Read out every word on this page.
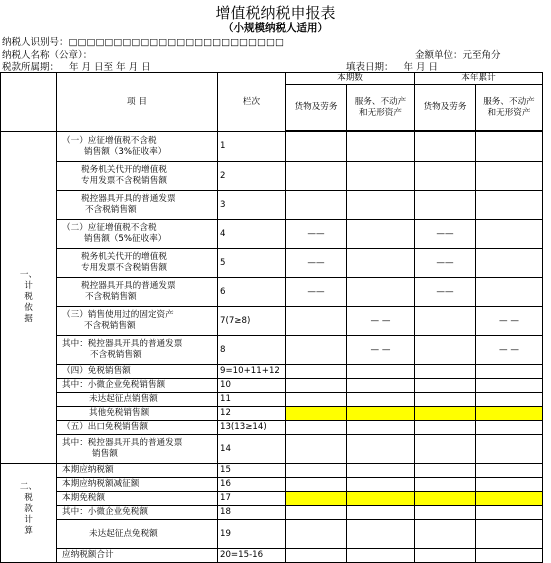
增值税纳税申报表
（小规模纳税人适用）
纳税人识别号：□□□□□□□□□□□□□□□□□□□□□□□□
纳税人名称（公章）：	金额单位：元至角分
税款所属期： 年 月 日至 年 月 日	填表日期： 年 月 日
	项 目	栏次	本期数		本年累计	
			货物及劳务	服务、不动产
和无形资产	货物及劳务	服务、不动产
和无形资产

一、
计
税
依
据	（一）应征增值税不含税
销售额（3%征收率）	1				

	税务机关代开的增值税
专用发票不含税销售额	2				

	税控器具开具的普通发票
不含税销售额	3				

	（二）应征增值税不含税
销售额（5%征收率）	4	——		——	

	税务机关代开的增值税
专用发票不含税销售额	5	——		——	

	税控器具开具的普通发票
不含税销售额	6	——		——	

	（三）销售使用过的固定资产
不含税销售额	7(7≥8)		— —		— —

	其中：税控器具开具的普通发票
不含税销售额	8		— —		— —
	（四）免税销售额	9=10+11+12				
	其中：小微企业免税销售额	10				
	未达起征点销售额	11				
	其他免税销售额	12				
	（五）出口免税销售额	13(13≥14)				

	其中：税控器具开具的普通发票
销售额	14				

二、
税
款
计
算	本期应纳税额	15				
	本期应纳税额减征额	16				
	本期免税额	17				
	其中：小微企业免税额	18				
	未达起征点免税额	19				
	应纳税额合计	20=15-16				
